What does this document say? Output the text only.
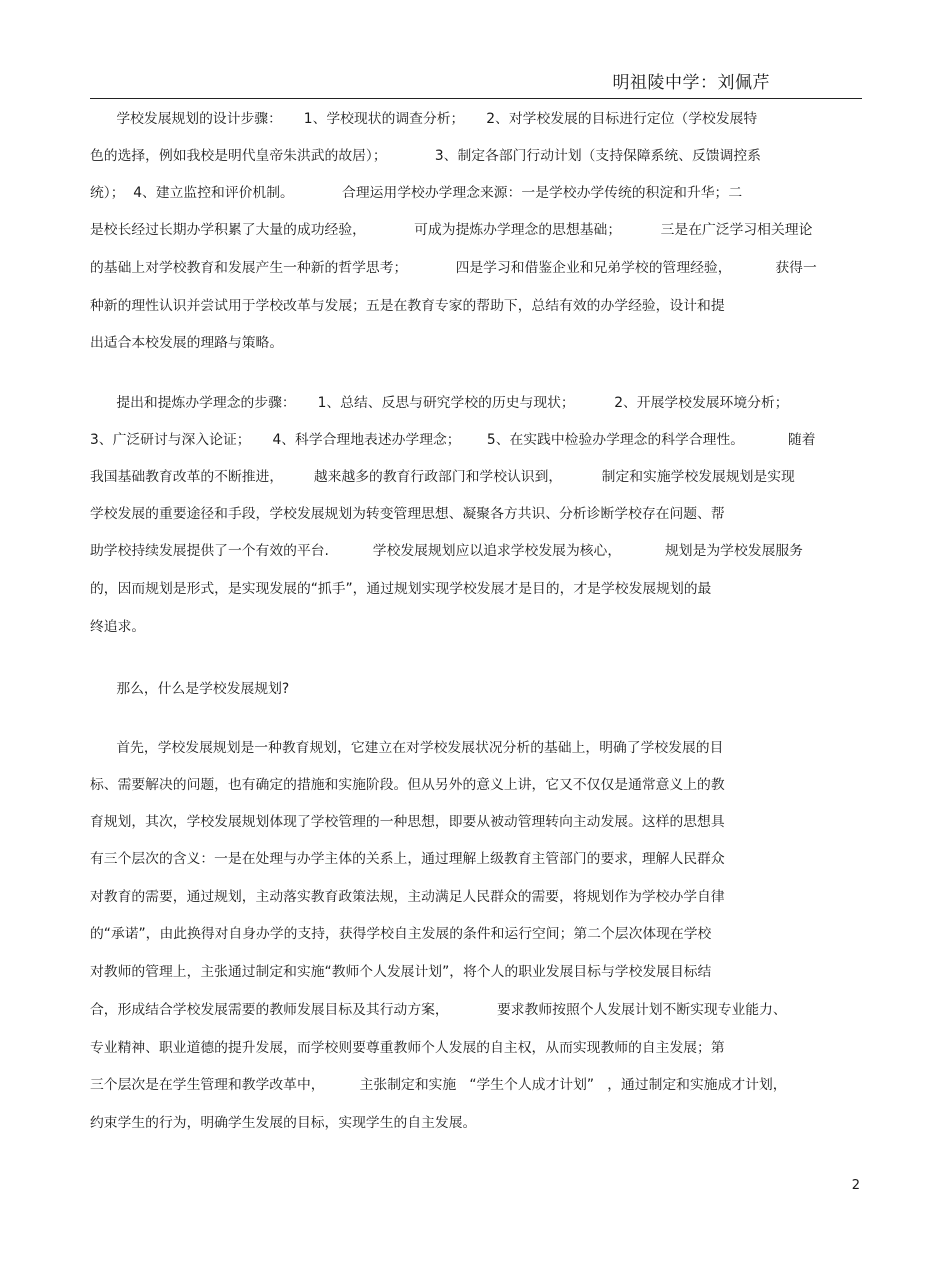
明祖陵中学：刘佩芹
学校发展规划的设计步骤：     1、学校现状的调查分析；     2、对学校发展的目标进行定位（学校发展特
色的选择，例如我校是明代皇帝朱洪武的故居）；           3、制定各部门行动计划（支持保障系统、反馈调控系
统）；  4、建立监控和评价机制。           合理运用学校办学理念来源：一是学校办学传统的积淀和升华；二
是校长经过长期办学积累了大量的成功经验，           可成为提炼办学理念的思想基础；         三是在广泛学习相关理论
的基础上对学校教育和发展产生一种新的哲学思考；           四是学习和借鉴企业和兄弟学校的管理经验，          获得一
种新的理性认识并尝试用于学校改革与发展；五是在教育专家的帮助下，总结有效的办学经验，设计和提
出适合本校发展的理路与策略。
提出和提炼办学理念的步骤：     1、总结、反思与研究学校的历史与现状；         2、开展学校发展环境分析；
3、广泛研讨与深入论证；     4、科学合理地表述办学理念；      5、在实践中检验办学理念的科学合理性。          随着
我国基础教育改革的不断推进，       越来越多的教育行政部门和学校认识到，         制定和实施学校发展规划是实现
学校发展的重要途径和手段，学校发展规划为转变管理思想、凝聚各方共识、分析诊断学校存在问题、帮
助学校持续发展提供了一个有效的平台.          学校发展规划应以追求学校发展为核心，          规划是为学校发展服务
的，因而规划是形式，是实现发展的“抓手”，通过规划实现学校发展才是目的，才是学校发展规划的最
终追求。
那么，什么是学校发展规划?
首先，学校发展规划是一种教育规划，它建立在对学校发展状况分析的基础上，明确了学校发展的目
标、需要解决的问题，也有确定的措施和实施阶段。但从另外的意义上讲，它又不仅仅是通常意义上的教
育规划，其次，学校发展规划体现了学校管理的一种思想，即要从被动管理转向主动发展。这样的思想具
有三个层次的含义：一是在处理与办学主体的关系上，通过理解上级教育主管部门的要求，理解人民群众
对教育的需要，通过规划，主动落实教育政策法规，主动满足人民群众的需要，将规划作为学校办学自律
的“承诺”，由此换得对自身办学的支持，获得学校自主发展的条件和运行空间；第二个层次体现在学校
对教师的管理上，主张通过制定和实施“教师个人发展计划”，将个人的职业发展目标与学校发展目标结
合，形成结合学校发展需要的教师发展目标及其行动方案，           要求教师按照个人发展计划不断实现专业能力、
专业精神、职业道德的提升发展，而学校则要尊重教师个人发展的自主权，从而实现教师的自主发展；第
三个层次是在学生管理和教学改革中，        主张制定和实施   “学生个人成才计划”   ，通过制定和实施成才计划，
约束学生的行为，明确学生发展的目标，实现学生的自主发展。
2
